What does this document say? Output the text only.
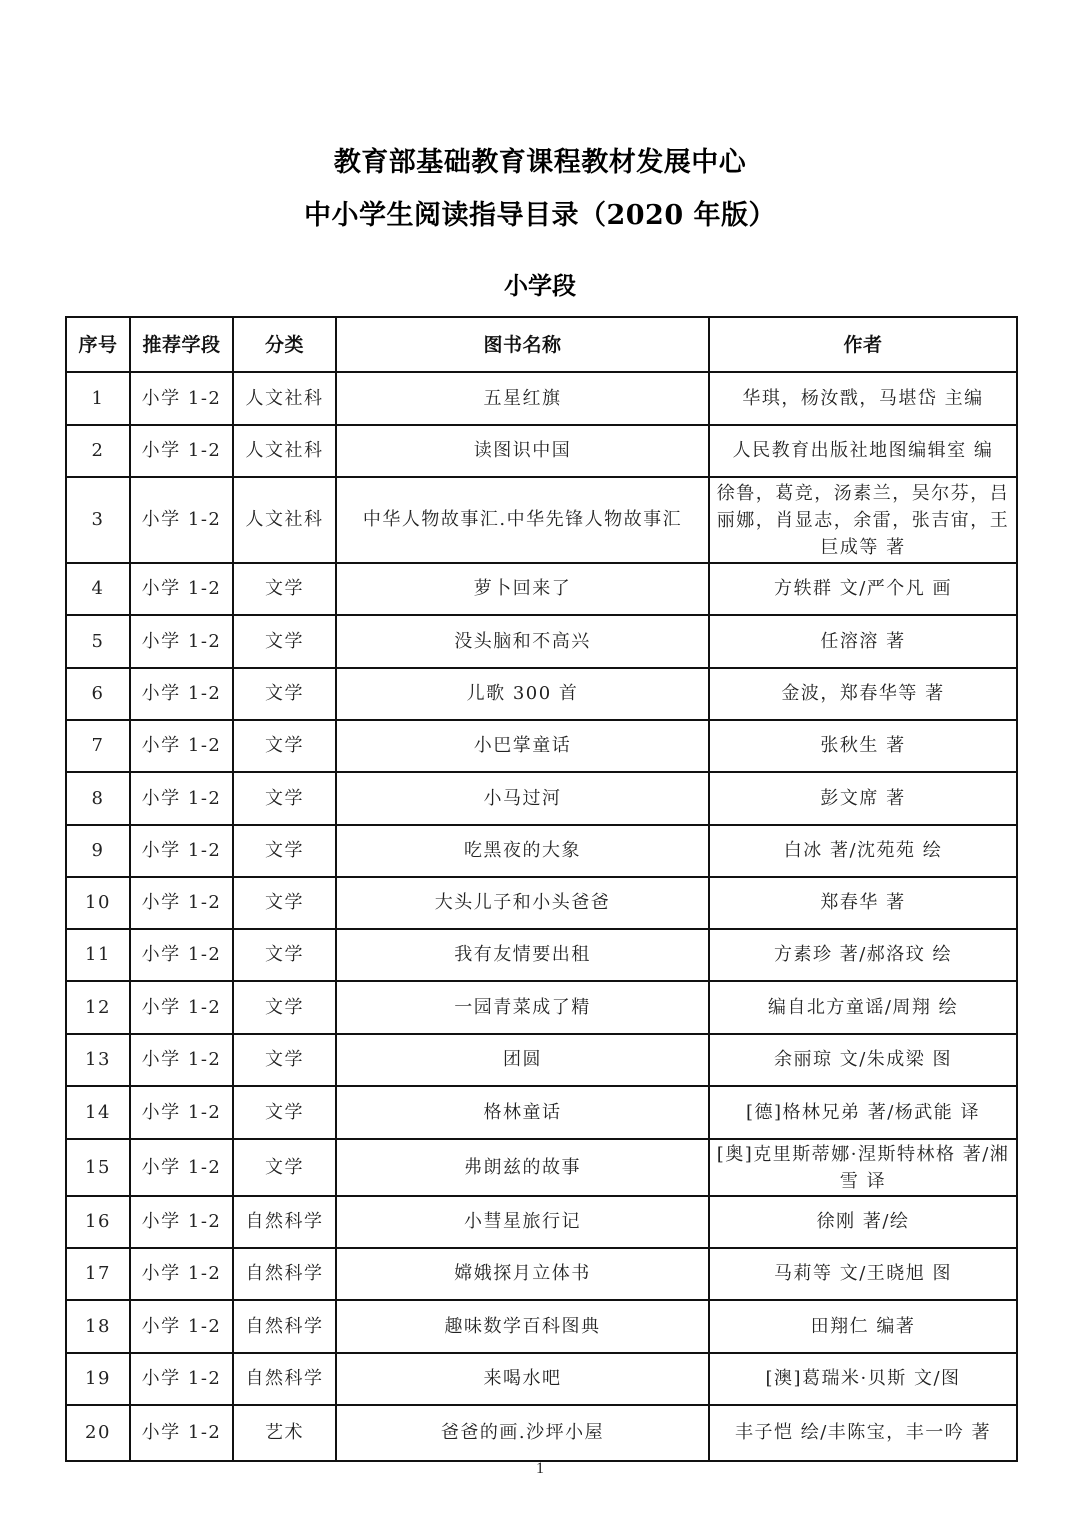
教育部基础教育课程教材发展中心
中小学生阅读指导目录（2020 年版）
小学段
序号	推荐学段	分类	图书名称	作者
1	小学 1-2	人文社科	五星红旗	华琪，杨汝戬，马堪岱 主编
2	小学 1-2	人文社科	读图识中国	人民教育出版社地图编辑室 编
3	小学 1-2	人文社科	中华人物故事汇.中华先锋人物故事汇	徐鲁，葛竞，汤素兰，吴尔芬，吕丽娜，肖显志，余雷，张吉宙，王巨成等 著
4	小学 1-2	文学	萝卜回来了	方轶群 文/严个凡 画
5	小学 1-2	文学	没头脑和不高兴	任溶溶 著
6	小学 1-2	文学	儿歌 300 首	金波，郑春华等 著
7	小学 1-2	文学	小巴掌童话	张秋生 著
8	小学 1-2	文学	小马过河	彭文席 著
9	小学 1-2	文学	吃黑夜的大象	白冰 著/沈苑苑 绘
10	小学 1-2	文学	大头儿子和小头爸爸	郑春华 著
11	小学 1-2	文学	我有友情要出租	方素珍 著/郝洛玟 绘
12	小学 1-2	文学	一园青菜成了精	编自北方童谣/周翔 绘
13	小学 1-2	文学	团圆	余丽琼 文/朱成梁 图
14	小学 1-2	文学	格林童话	[德]格林兄弟 著/杨武能 译
15	小学 1-2	文学	弗朗兹的故事	[奥]克里斯蒂娜·涅斯特林格 著/湘雪 译
16	小学 1-2	自然科学	小彗星旅行记	徐刚 著/绘
17	小学 1-2	自然科学	嫦娥探月立体书	马莉等 文/王晓旭 图
18	小学 1-2	自然科学	趣味数学百科图典	田翔仁 编著
19	小学 1-2	自然科学	来喝水吧	[澳]葛瑞米·贝斯 文/图
20	小学 1-2	艺术	爸爸的画.沙坪小屋	丰子恺 绘/丰陈宝，丰一吟 著
1
